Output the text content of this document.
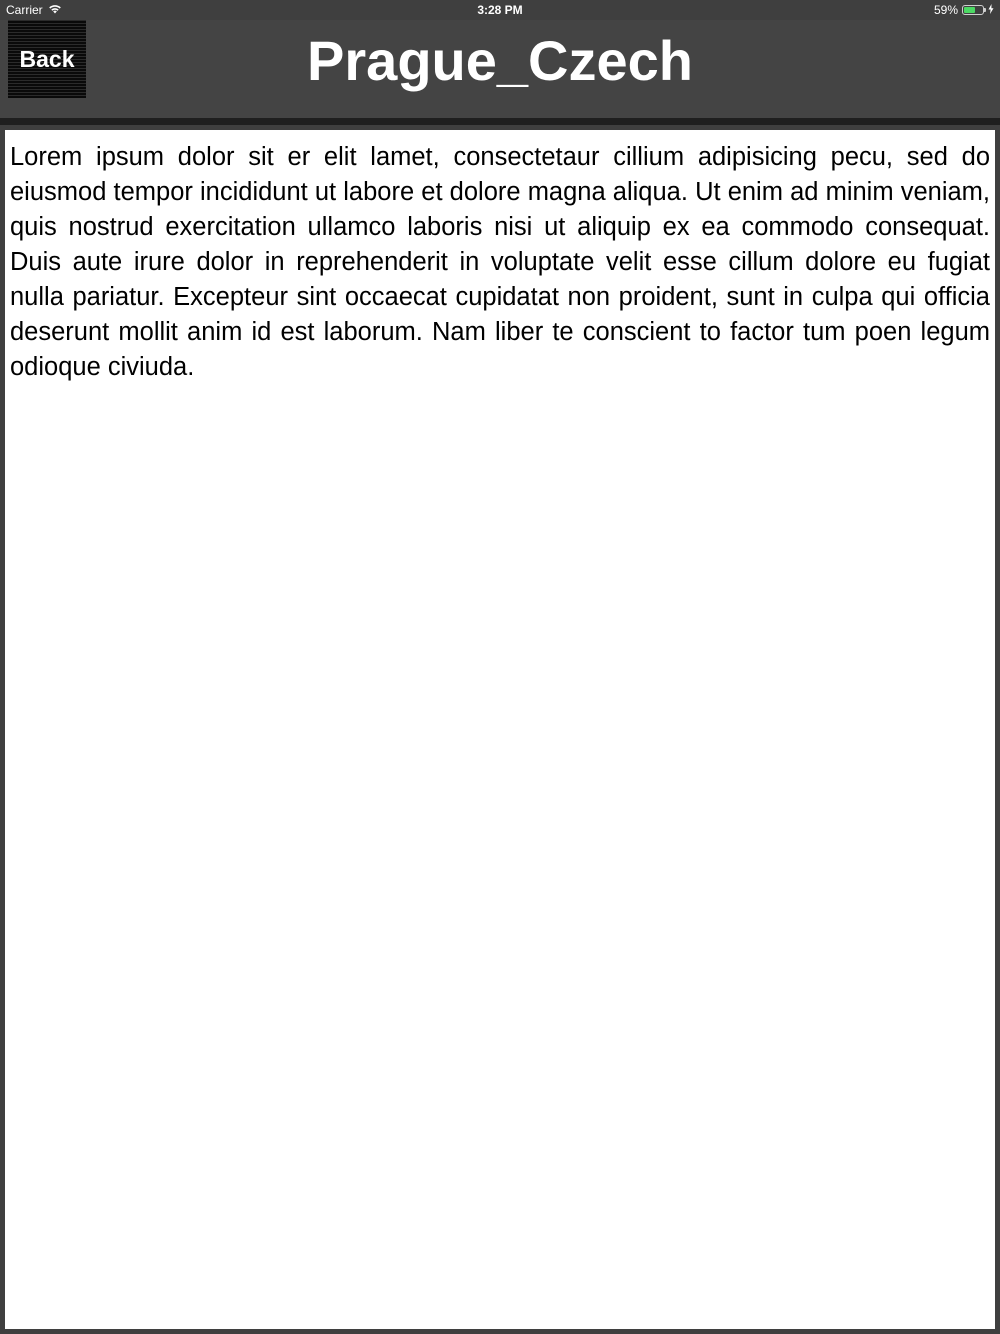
Carrier	3:28 PM	59%
Back	Prague_Czech

Lorem ipsum dolor sit er elit lamet, consectetaur cillium adipisicing pecu, sed do eiusmod tempor incididunt ut labore et dolore magna aliqua. Ut enim ad minim veniam, quis nostrud exercitation ullamco laboris nisi ut aliquip ex ea commodo consequat. Duis aute irure dolor in reprehenderit in voluptate velit esse cillum dolore eu fugiat nulla pariatur. Excepteur sint occaecat cupidatat non proident, sunt in culpa qui officia deserunt mollit anim id est laborum. Nam liber te conscient to factor tum poen legum odioque civiuda.
